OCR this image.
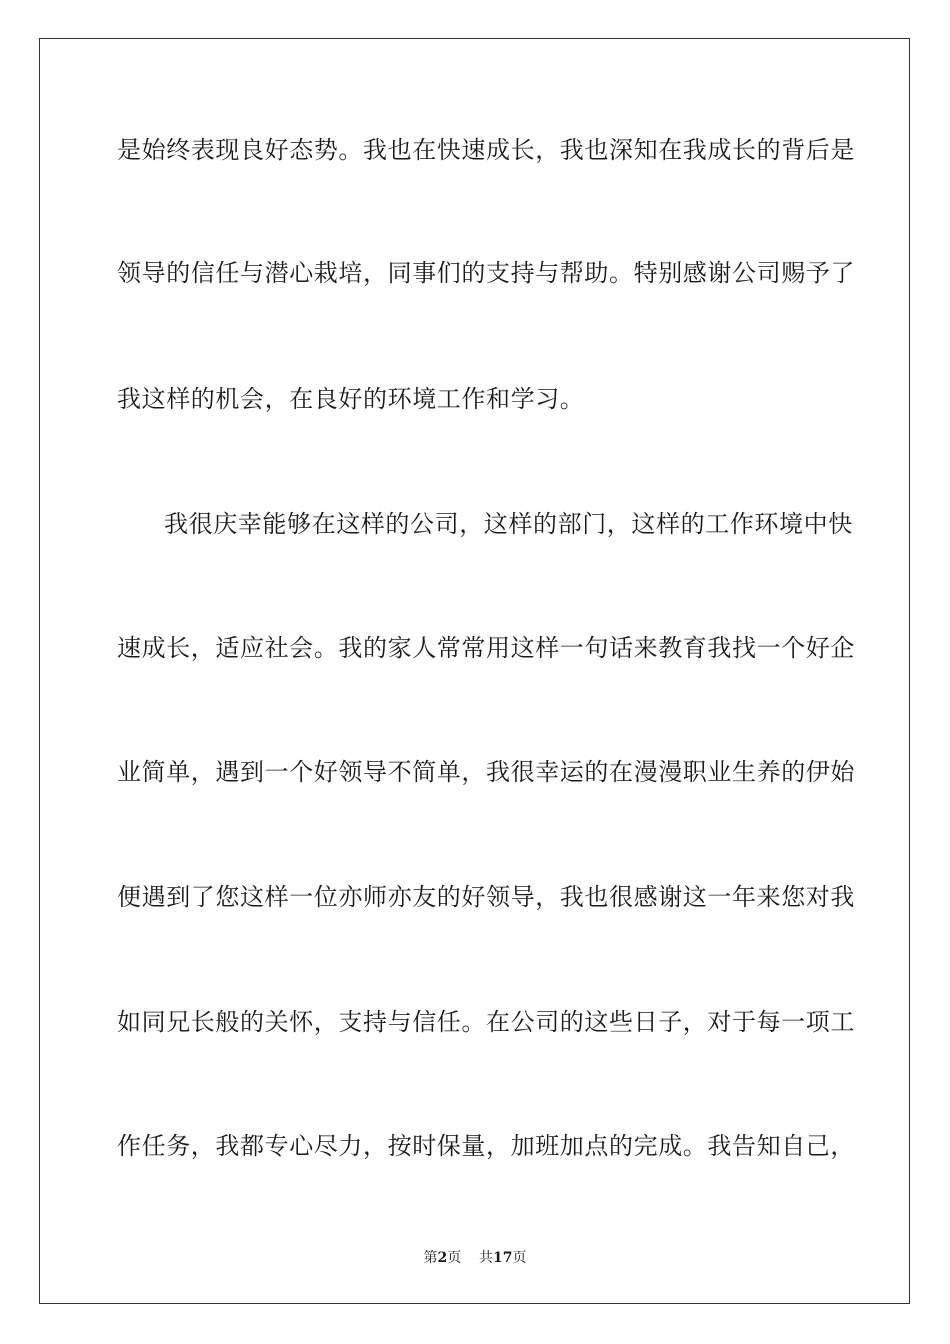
是始终表现良好态势。我也在快速成长，我也深知在我成长的背后是
领导的信任与潜心栽培，同事们的支持与帮助。特别感谢公司赐予了
我这样的机会，在良好的环境工作和学习。
我很庆幸能够在这样的公司，这样的部门，这样的工作环境中快
速成长，适应社会。我的家人常常用这样一句话来教育我找一个好企
业简单，遇到一个好领导不简单，我很幸运的在漫漫职业生养的伊始
便遇到了您这样一位亦师亦友的好领导，我也很感谢这一年来您对我
如同兄长般的关怀，支持与信任。在公司的这些日子，对于每一项工
作任务，我都专心尽力，按时保量，加班加点的完成。我告知自己，
第2页 共17页
